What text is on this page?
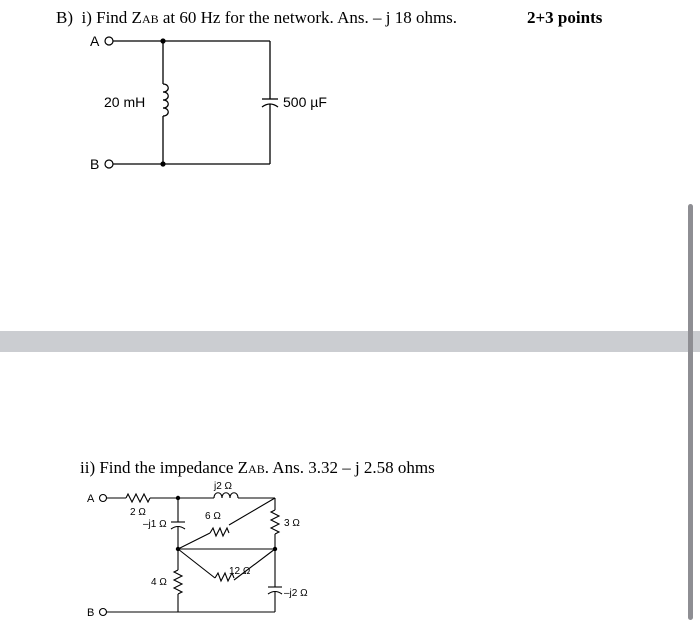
B) i) Find ZAB at 60 Hz for the network. Ans. – j 18 ohms.	2+3 points
A
B
20 mH	500 µF
ii) Find the impedance ZAB. Ans. 3.32 – j 2.58 ohms
A
B
2 Ω
–j1 Ω
j2 Ω
6 Ω
3 Ω
12 Ω
4 Ω
–j2 Ω
